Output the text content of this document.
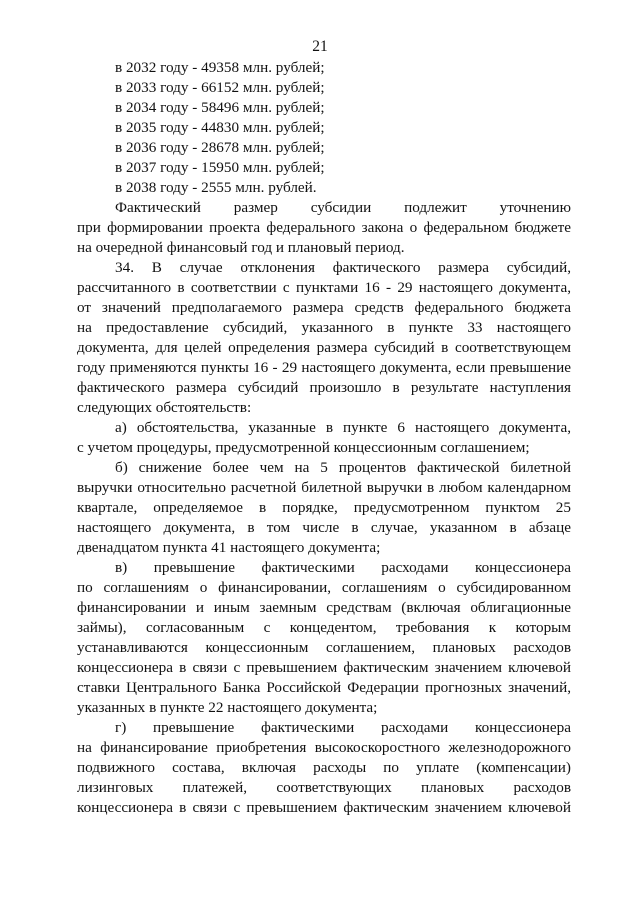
21
в 2032 году - 49358 млн. рублей;
в 2033 году - 66152 млн. рублей;
в 2034 году - 58496 млн. рублей;
в 2035 году - 44830 млн. рублей;
в 2036 году - 28678 млн. рублей;
в 2037 году - 15950 млн. рублей;
в 2038 году - 2555 млн. рублей.
Фактический размер субсидии подлежит уточнению
при формировании проекта федерального закона о федеральном бюджете
на очередной финансовый год и плановый период.
34. В случае отклонения фактического размера субсидий,
рассчитанного в соответствии с пунктами 16 - 29 настоящего документа,
от значений предполагаемого размера средств федерального бюджета
на предоставление субсидий, указанного в пункте 33 настоящего
документа, для целей определения размера субсидий в соответствующем
году применяются пункты 16 - 29 настоящего документа, если превышение
фактического размера субсидий произошло в результате наступления
следующих обстоятельств:
а) обстоятельства, указанные в пункте 6 настоящего документа,
с учетом процедуры, предусмотренной концессионным соглашением;
б) снижение более чем на 5 процентов фактической билетной
выручки относительно расчетной билетной выручки в любом календарном
квартале, определяемое в порядке, предусмотренном пунктом 25
настоящего документа, в том числе в случае, указанном в абзаце
двенадцатом пункта 41 настоящего документа;
в) превышение фактическими расходами концессионера
по соглашениям о финансировании, соглашениям о субсидированном
финансировании и иным заемным средствам (включая облигационные
займы), согласованным с концедентом, требования к которым
устанавливаются концессионным соглашением, плановых расходов
концессионера в связи с превышением фактическим значением ключевой
ставки Центрального Банка Российской Федерации прогнозных значений,
указанных в пункте 22 настоящего документа;
г) превышение фактическими расходами концессионера
на финансирование приобретения высокоскоростного железнодорожного
подвижного состава, включая расходы по уплате (компенсации)
лизинговых платежей, соответствующих плановых расходов
концессионера в связи с превышением фактическим значением ключевой
